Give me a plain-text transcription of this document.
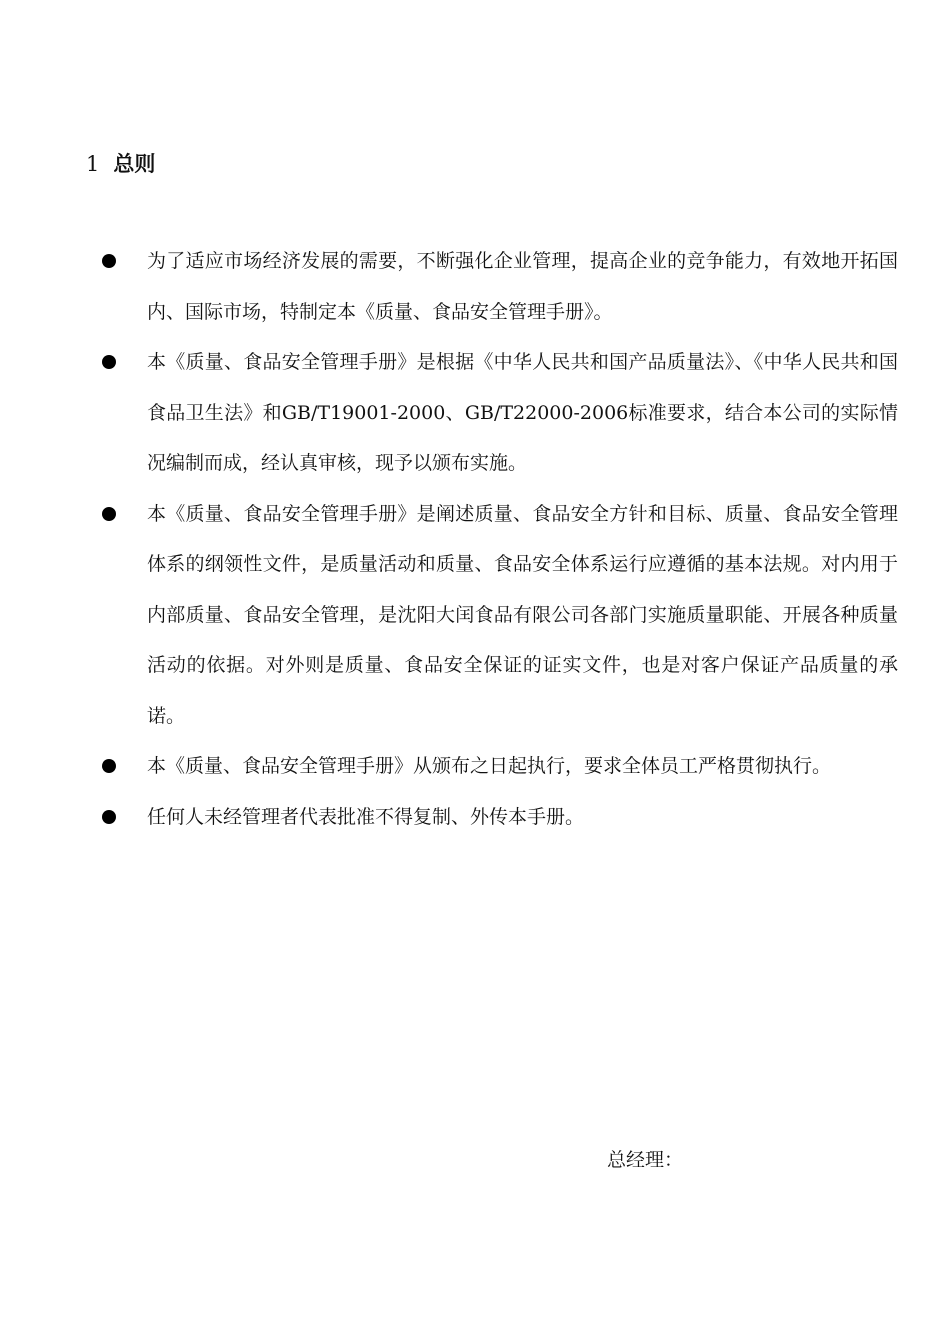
1 总则
为了适应市场经济发展的需要，不断强化企业管理，提高企业的竞争能力，有效地开拓国内、国际市场，特制定本《质量、食品安全管理手册》。
本《质量、食品安全管理手册》是根据《中华人民共和国产品质量法》、《中华人民共和国食品卫生法》和GB/T19001-2000、GB/T22000-2006标准要求，结合本公司的实际情况编制而成，经认真审核，现予以颁布实施。
本《质量、食品安全管理手册》是阐述质量、食品安全方针和目标、质量、食品安全管理体系的纲领性文件，是质量活动和质量、食品安全体系运行应遵循的基本法规。对内用于内部质量、食品安全管理，是沈阳大闰食品有限公司各部门实施质量职能、开展各种质量活动的依据。对外则是质量、食品安全保证的证实文件，也是对客户保证产品质量的承诺。
本《质量、食品安全管理手册》从颁布之日起执行，要求全体员工严格贯彻执行。
任何人未经管理者代表批准不得复制、外传本手册。
总经理：
